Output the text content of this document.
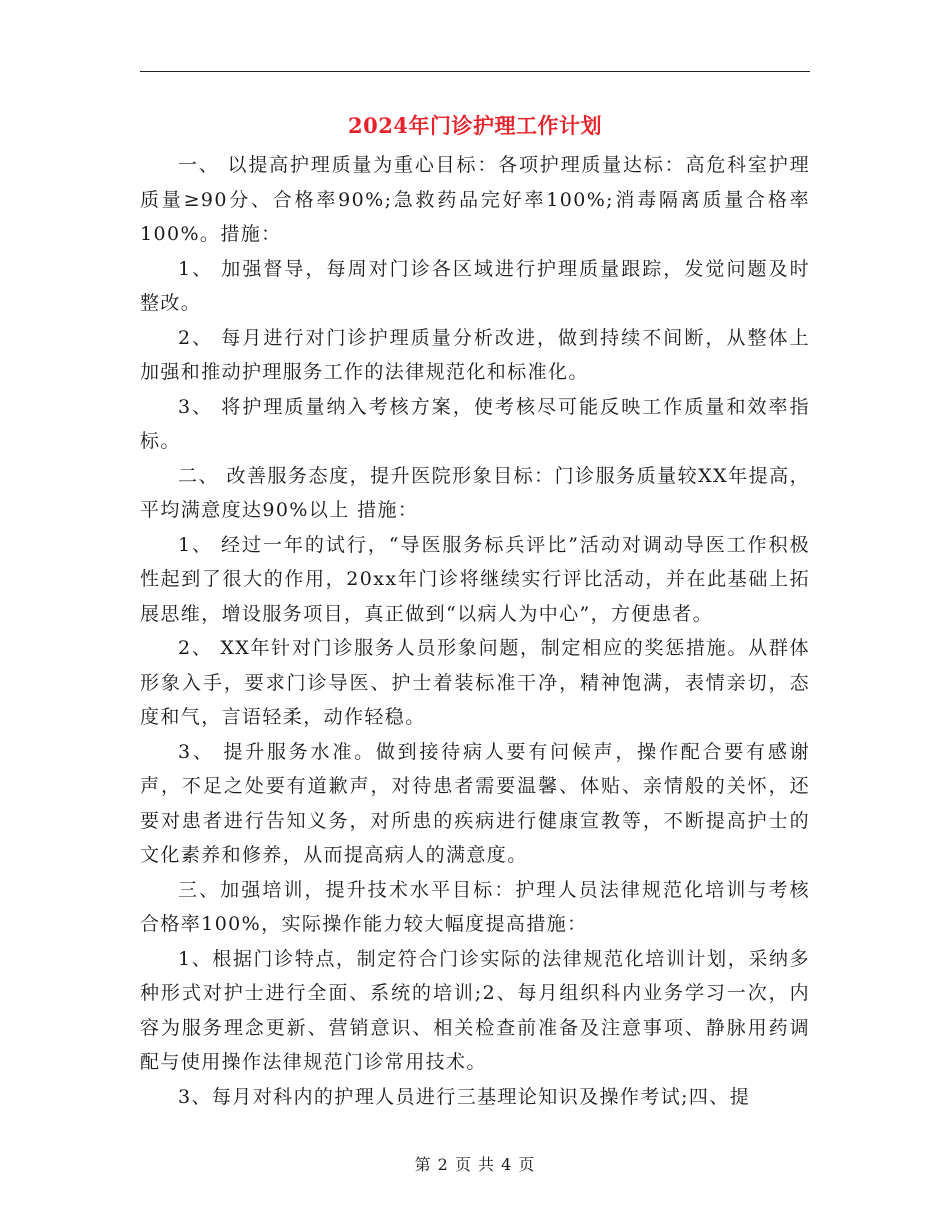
2024年门诊护理工作计划

一、 以提高护理质量为重心目标：各项护理质量达标：高危科室护理质量≥90分、合格率90%;急救药品完好率100%;消毒隔离质量合格率100%。措施：

1、 加强督导，每周对门诊各区域进行护理质量跟踪，发觉问题及时整改。

2、 每月进行对门诊护理质量分析改进，做到持续不间断，从整体上加强和推动护理服务工作的法律规范化和标准化。

3、 将护理质量纳入考核方案，使考核尽可能反映工作质量和效率指标。

二、 改善服务态度，提升医院形象目标：门诊服务质量较XX年提高，平均满意度达90%以上 措施：

1、 经过一年的试行，“导医服务标兵评比”活动对调动导医工作积极性起到了很大的作用，20xx年门诊将继续实行评比活动，并在此基础上拓展思维，增设服务项目，真正做到“以病人为中心”，方便患者。

2、 XX年针对门诊服务人员形象问题，制定相应的奖惩措施。从群体形象入手，要求门诊导医、护士着装标准干净，精神饱满，表情亲切，态度和气，言语轻柔，动作轻稳。

3、 提升服务水准。做到接待病人要有问候声，操作配合要有感谢声，不足之处要有道歉声，对待患者需要温馨、体贴、亲情般的关怀，还要对患者进行告知义务，对所患的疾病进行健康宣教等，不断提高护士的文化素养和修养，从而提高病人的满意度。

三、加强培训，提升技术水平目标：护理人员法律规范化培训与考核合格率100%，实际操作能力较大幅度提高措施：

1、根据门诊特点，制定符合门诊实际的法律规范化培训计划，采纳多种形式对护士进行全面、系统的培训;2、每月组织科内业务学习一次，内容为服务理念更新、营销意识、相关检查前准备及注意事项、静脉用药调配与使用操作法律规范门诊常用技术。

3、每月对科内的护理人员进行三基理论知识及操作考试;四、提

第 2 页 共 4 页
